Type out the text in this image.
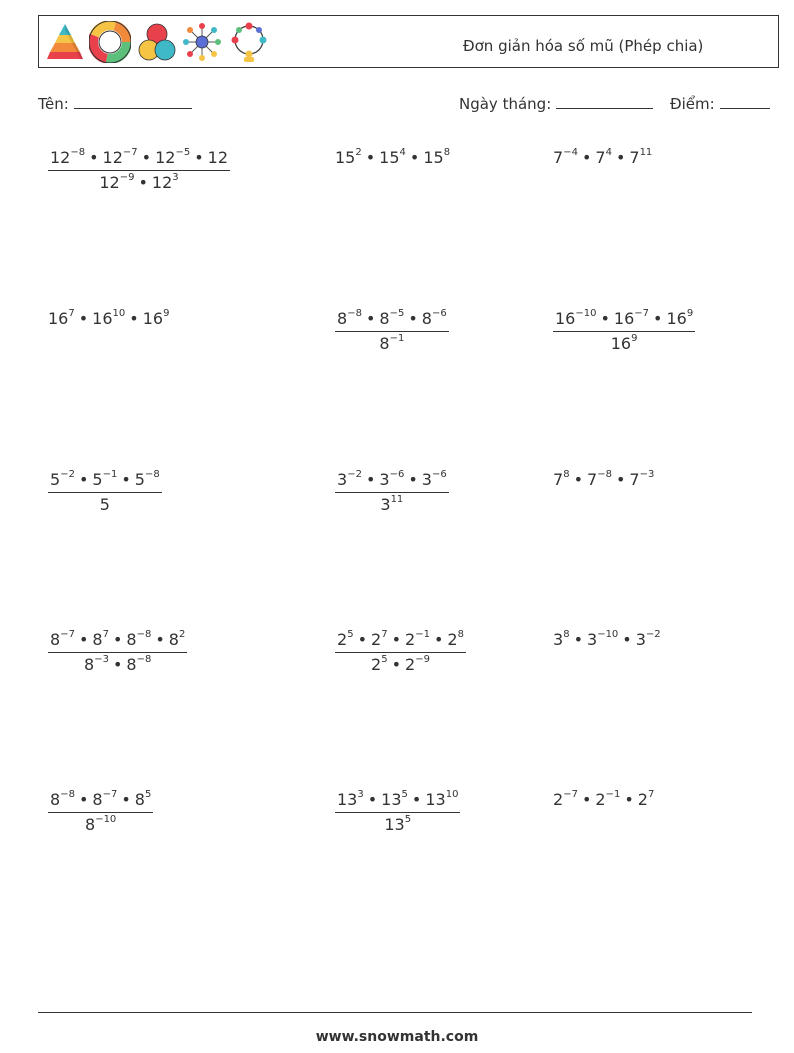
Đơn giản hóa số mũ (Phép chia)
Tên:	Ngày tháng:	Điểm:
$\frac{12^{-8} • 12^{-7} • 12^{-5} • 12}{12^{-9} • 12^3}$	$15^2$ • $15^4$ • $15^8$	$7^{-4}$ • $7^4$ • $7^{11}$
$16^7$ • $16^{10}$ • $16^9$	$\frac{8^{-8} • 8^{-5} • 8^{-6}}{8^{-1}}$	$\frac{16^{-10} • 16^{-7} • 16^9}{16^9}$
$\frac{5^{-2} • 5^{-1} • 5^{-8}}{5}$	$\frac{3^{-2} • 3^{-6} • 3^{-6}}{3^{11}}$	$7^8$ • $7^{-8}$ • $7^{-3}$
$\frac{8^{-7} • 8^7 • 8^{-8} • 8^2}{8^{-3} • 8^{-8}}$	$\frac{2^5 • 2^7 • 2^{-1} • 2^8}{2^5 • 2^{-9}}$	$3^8$ • $3^{-10}$ • $3^{-2}$
$\frac{8^{-8} • 8^{-7} • 8^5}{8^{-10}}$	$\frac{13^3 • 13^5 • 13^{10}}{13^5}$	$2^{-7}$ • $2^{-1}$ • $2^7$
www.snowmath.com
